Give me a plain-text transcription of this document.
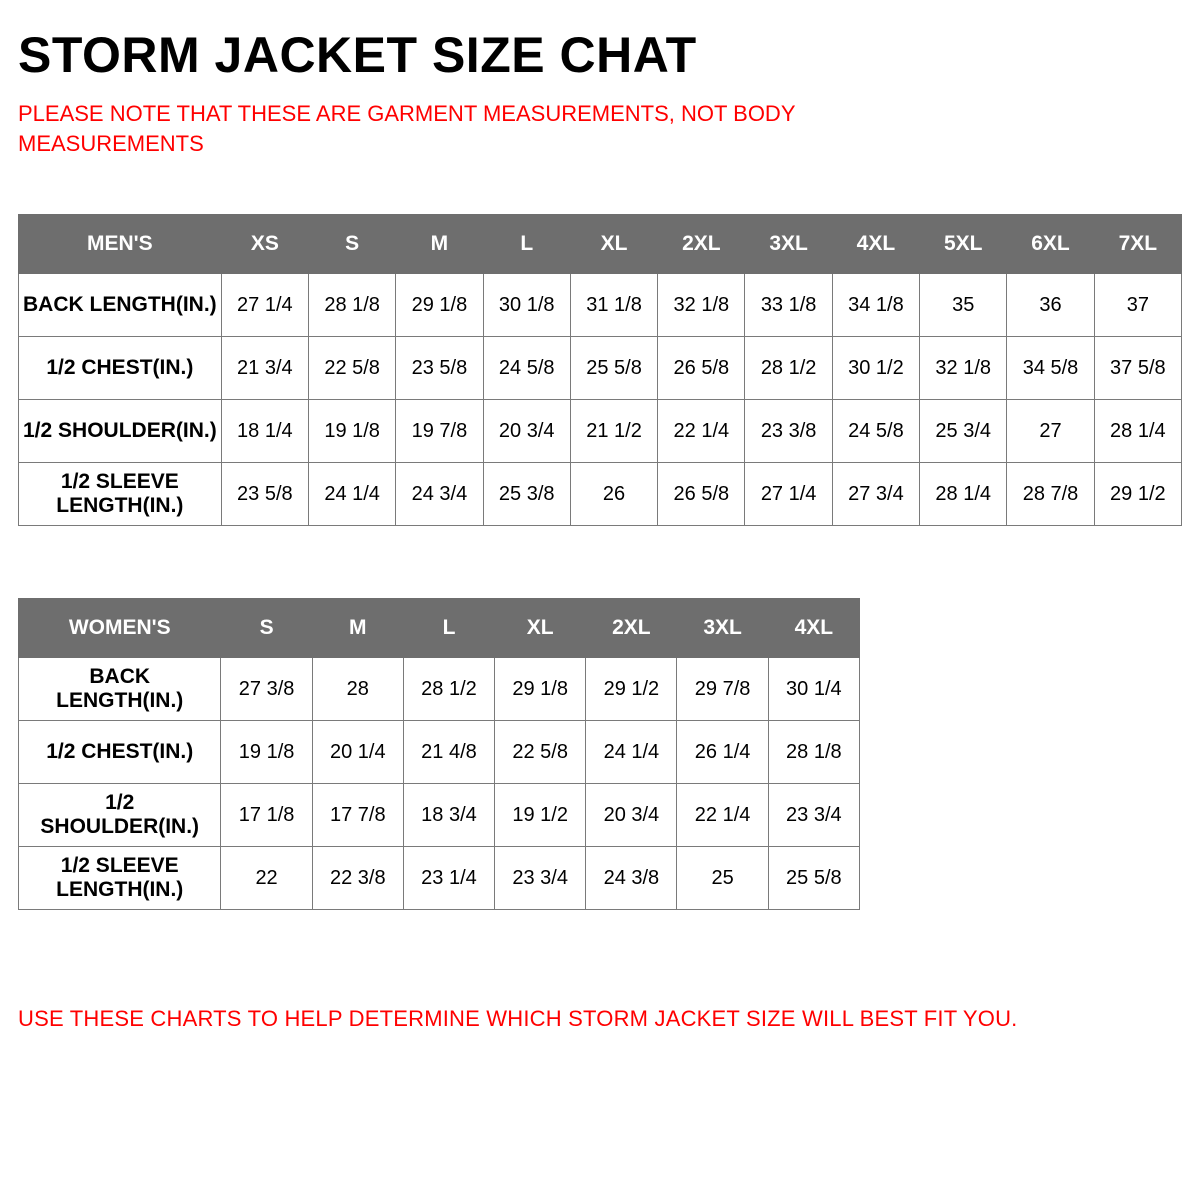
STORM JACKET SIZE CHAT

PLEASE NOTE THAT THESE ARE GARMENT MEASUREMENTS, NOT BODY MEASUREMENTS

MEN'S	XS	S	M	L	XL	2XL	3XL	4XL	5XL	6XL	7XL
BACK LENGTH(IN.)	27 1/4	28 1/8	29 1/8	30 1/8	31 1/8	32 1/8	33 1/8	34 1/8	35	36	37
1/2 CHEST(IN.)	21 3/4	22 5/8	23 5/8	24 5/8	25 5/8	26 5/8	28 1/2	30 1/2	32 1/8	34 5/8	37 5/8
1/2 SHOULDER(IN.)	18 1/4	19 1/8	19 7/8	20 3/4	21 1/2	22 1/4	23 3/8	24 5/8	25 3/4	27	28 1/4
1/2 SLEEVE LENGTH(IN.)	23 5/8	24 1/4	24 3/4	25 3/8	26	26 5/8	27 1/4	27 3/4	28 1/4	28 7/8	29 1/2
WOMEN'S	S	M	L	XL	2XL	3XL	4XL
BACK LENGTH(IN.)	27 3/8	28	28 1/2	29 1/8	29 1/2	29 7/8	30 1/4
1/2 CHEST(IN.)	19 1/8	20 1/4	21 4/8	22 5/8	24 1/4	26 1/4	28 1/8
1/2 SHOULDER(IN.)	17 1/8	17 7/8	18 3/4	19 1/2	20 3/4	22 1/4	23 3/4
1/2 SLEEVE LENGTH(IN.)	22	22 3/8	23 1/4	23 3/4	24 3/8	25	25 5/8

USE THESE CHARTS TO HELP DETERMINE WHICH STORM JACKET SIZE WILL BEST FIT YOU.
